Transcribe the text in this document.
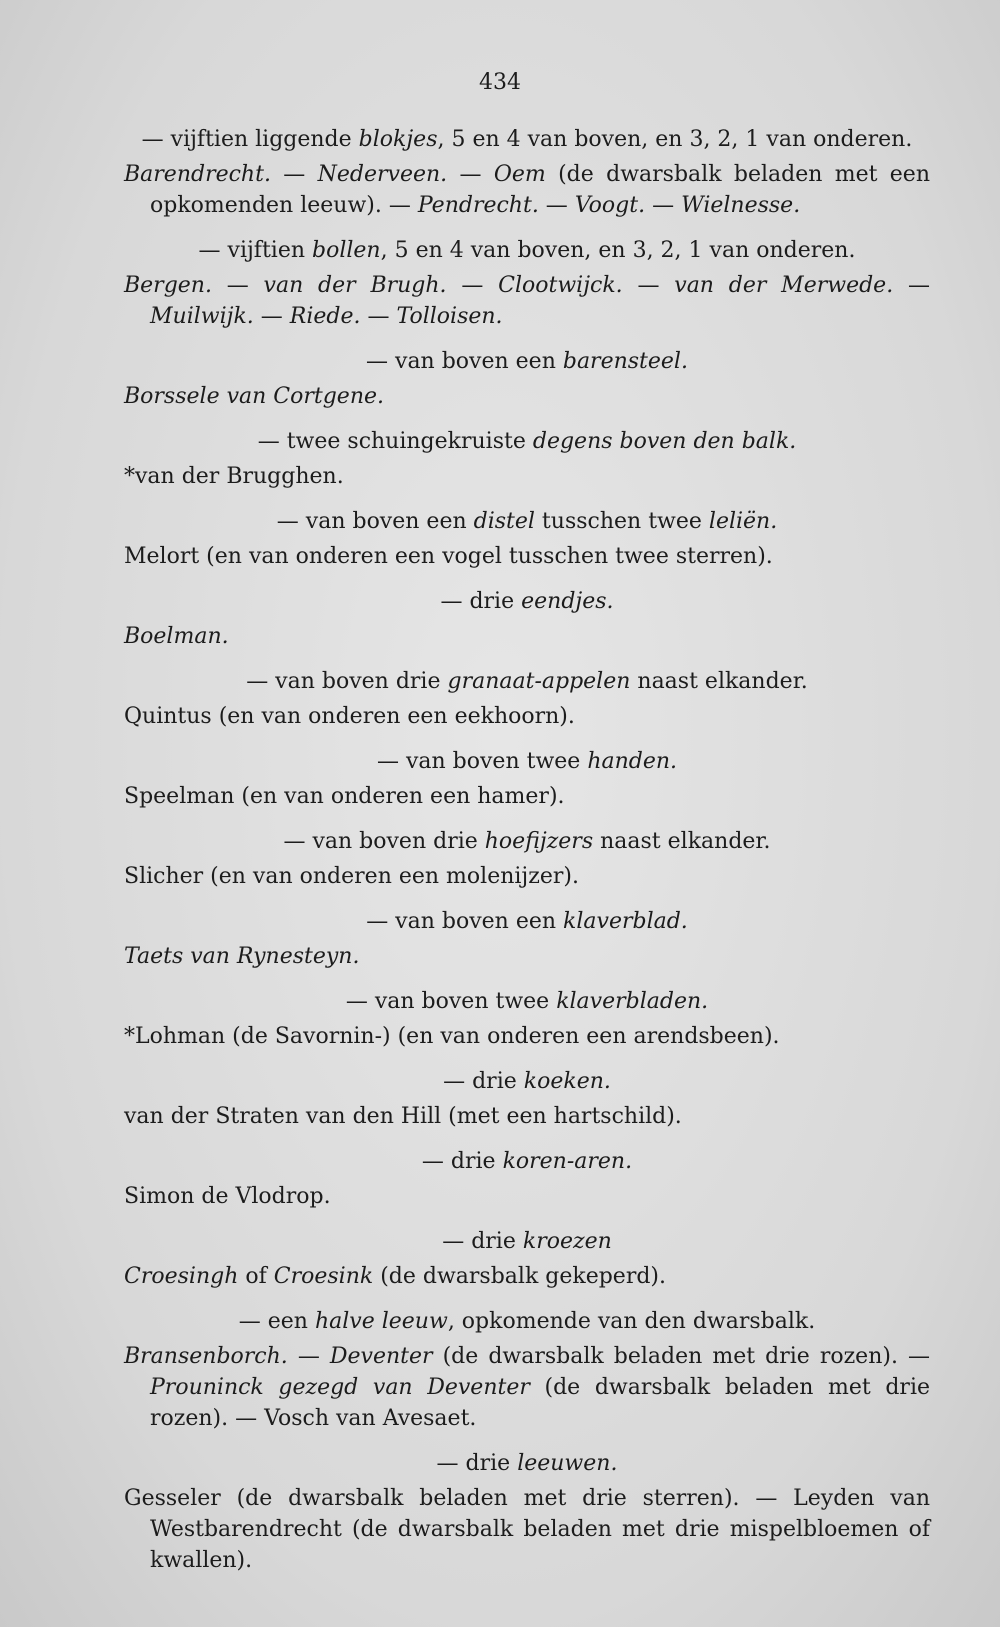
434

— vijftien liggende blokjes, 5 en 4 van boven, en 3, 2, 1 van onderen.

Barendrecht. — Nederveen. — Oem (de dwarsbalk beladen met een opkomenden leeuw). — Pendrecht. — Voogt. — Wielnesse.

— vijftien bollen, 5 en 4 van boven, en 3, 2, 1 van onderen.

Bergen. — van der Brugh. — Clootwijck. — van der Merwede. — Muilwijk. — Riede. — Tolloisen.

— van boven een barensteel.

Borssele van Cortgene.

— twee schuingekruiste degens boven den balk.

*van der Brugghen.

— van boven een distel tusschen twee leliën.

Melort (en van onderen een vogel tusschen twee sterren).

— drie eendjes.

Boelman.

— van boven drie granaat-appelen naast elkander.

Quintus (en van onderen een eekhoorn).

— van boven twee handen.

Speelman (en van onderen een hamer).

— van boven drie hoefijzers naast elkander.

Slicher (en van onderen een molenijzer).

— van boven een klaverblad.

Taets van Rynesteyn.

— van boven twee klaverbladen.

*Lohman (de Savornin-) (en van onderen een arendsbeen).

— drie koeken.

van der Straten van den Hill (met een hartschild).

— drie koren-aren.

Simon de Vlodrop.

— drie kroezen

Croesingh of Croesink (de dwarsbalk gekeperd).

— een halve leeuw, opkomende van den dwarsbalk.

Bransenborch. — Deventer (de dwarsbalk beladen met drie rozen). — Prouninck gezegd van Deventer (de dwarsbalk beladen met drie rozen). — Vosch van Avesaet.

— drie leeuwen.

Gesseler (de dwarsbalk beladen met drie sterren). — Leyden van Westbarendrecht (de dwarsbalk beladen met drie mispelbloemen of kwallen).
